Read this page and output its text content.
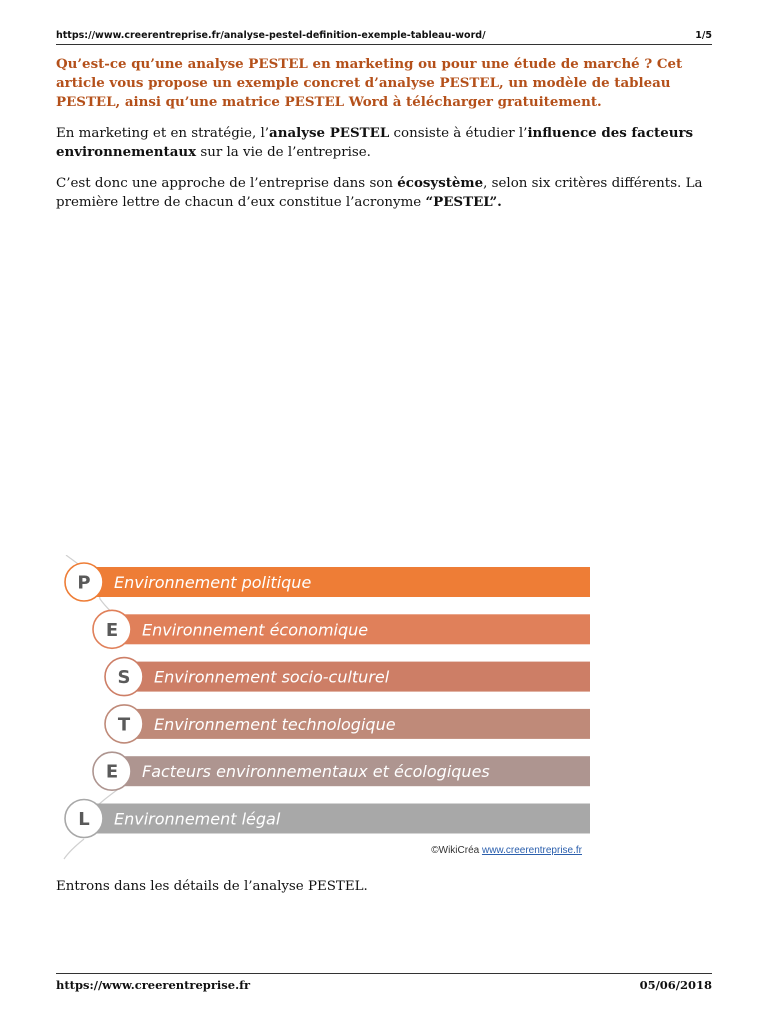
https://www.creerentreprise.fr/analyse-pestel-definition-exemple-tableau-word/	1/5

Qu’est-ce qu’une analyse PESTEL en marketing ou pour une étude de marché ? Cet article vous propose un exemple concret d’analyse PESTEL, un modèle de tableau PESTEL, ainsi qu’une matrice PESTEL Word à télécharger gratuitement.

En marketing et en stratégie, l’analyse PESTEL consiste à étudier l’influence des facteurs environnementaux sur la vie de l’entreprise.

C’est donc une approche de l’entreprise dans son écosystème, selon six critères différents. La première lettre de chacun d’eux constitue l’acronyme “PESTEL”.

Environnement politique
P
Environnement économique
E
Environnement socio-culturel
S
Environnement technologique
T
Facteurs environnementaux et écologiques
E
Environnement légal
L
©WikiCréa www.creerentreprise.fr

Entrons dans les détails de l’analyse PESTEL.

https://www.creerentreprise.fr	05/06/2018
